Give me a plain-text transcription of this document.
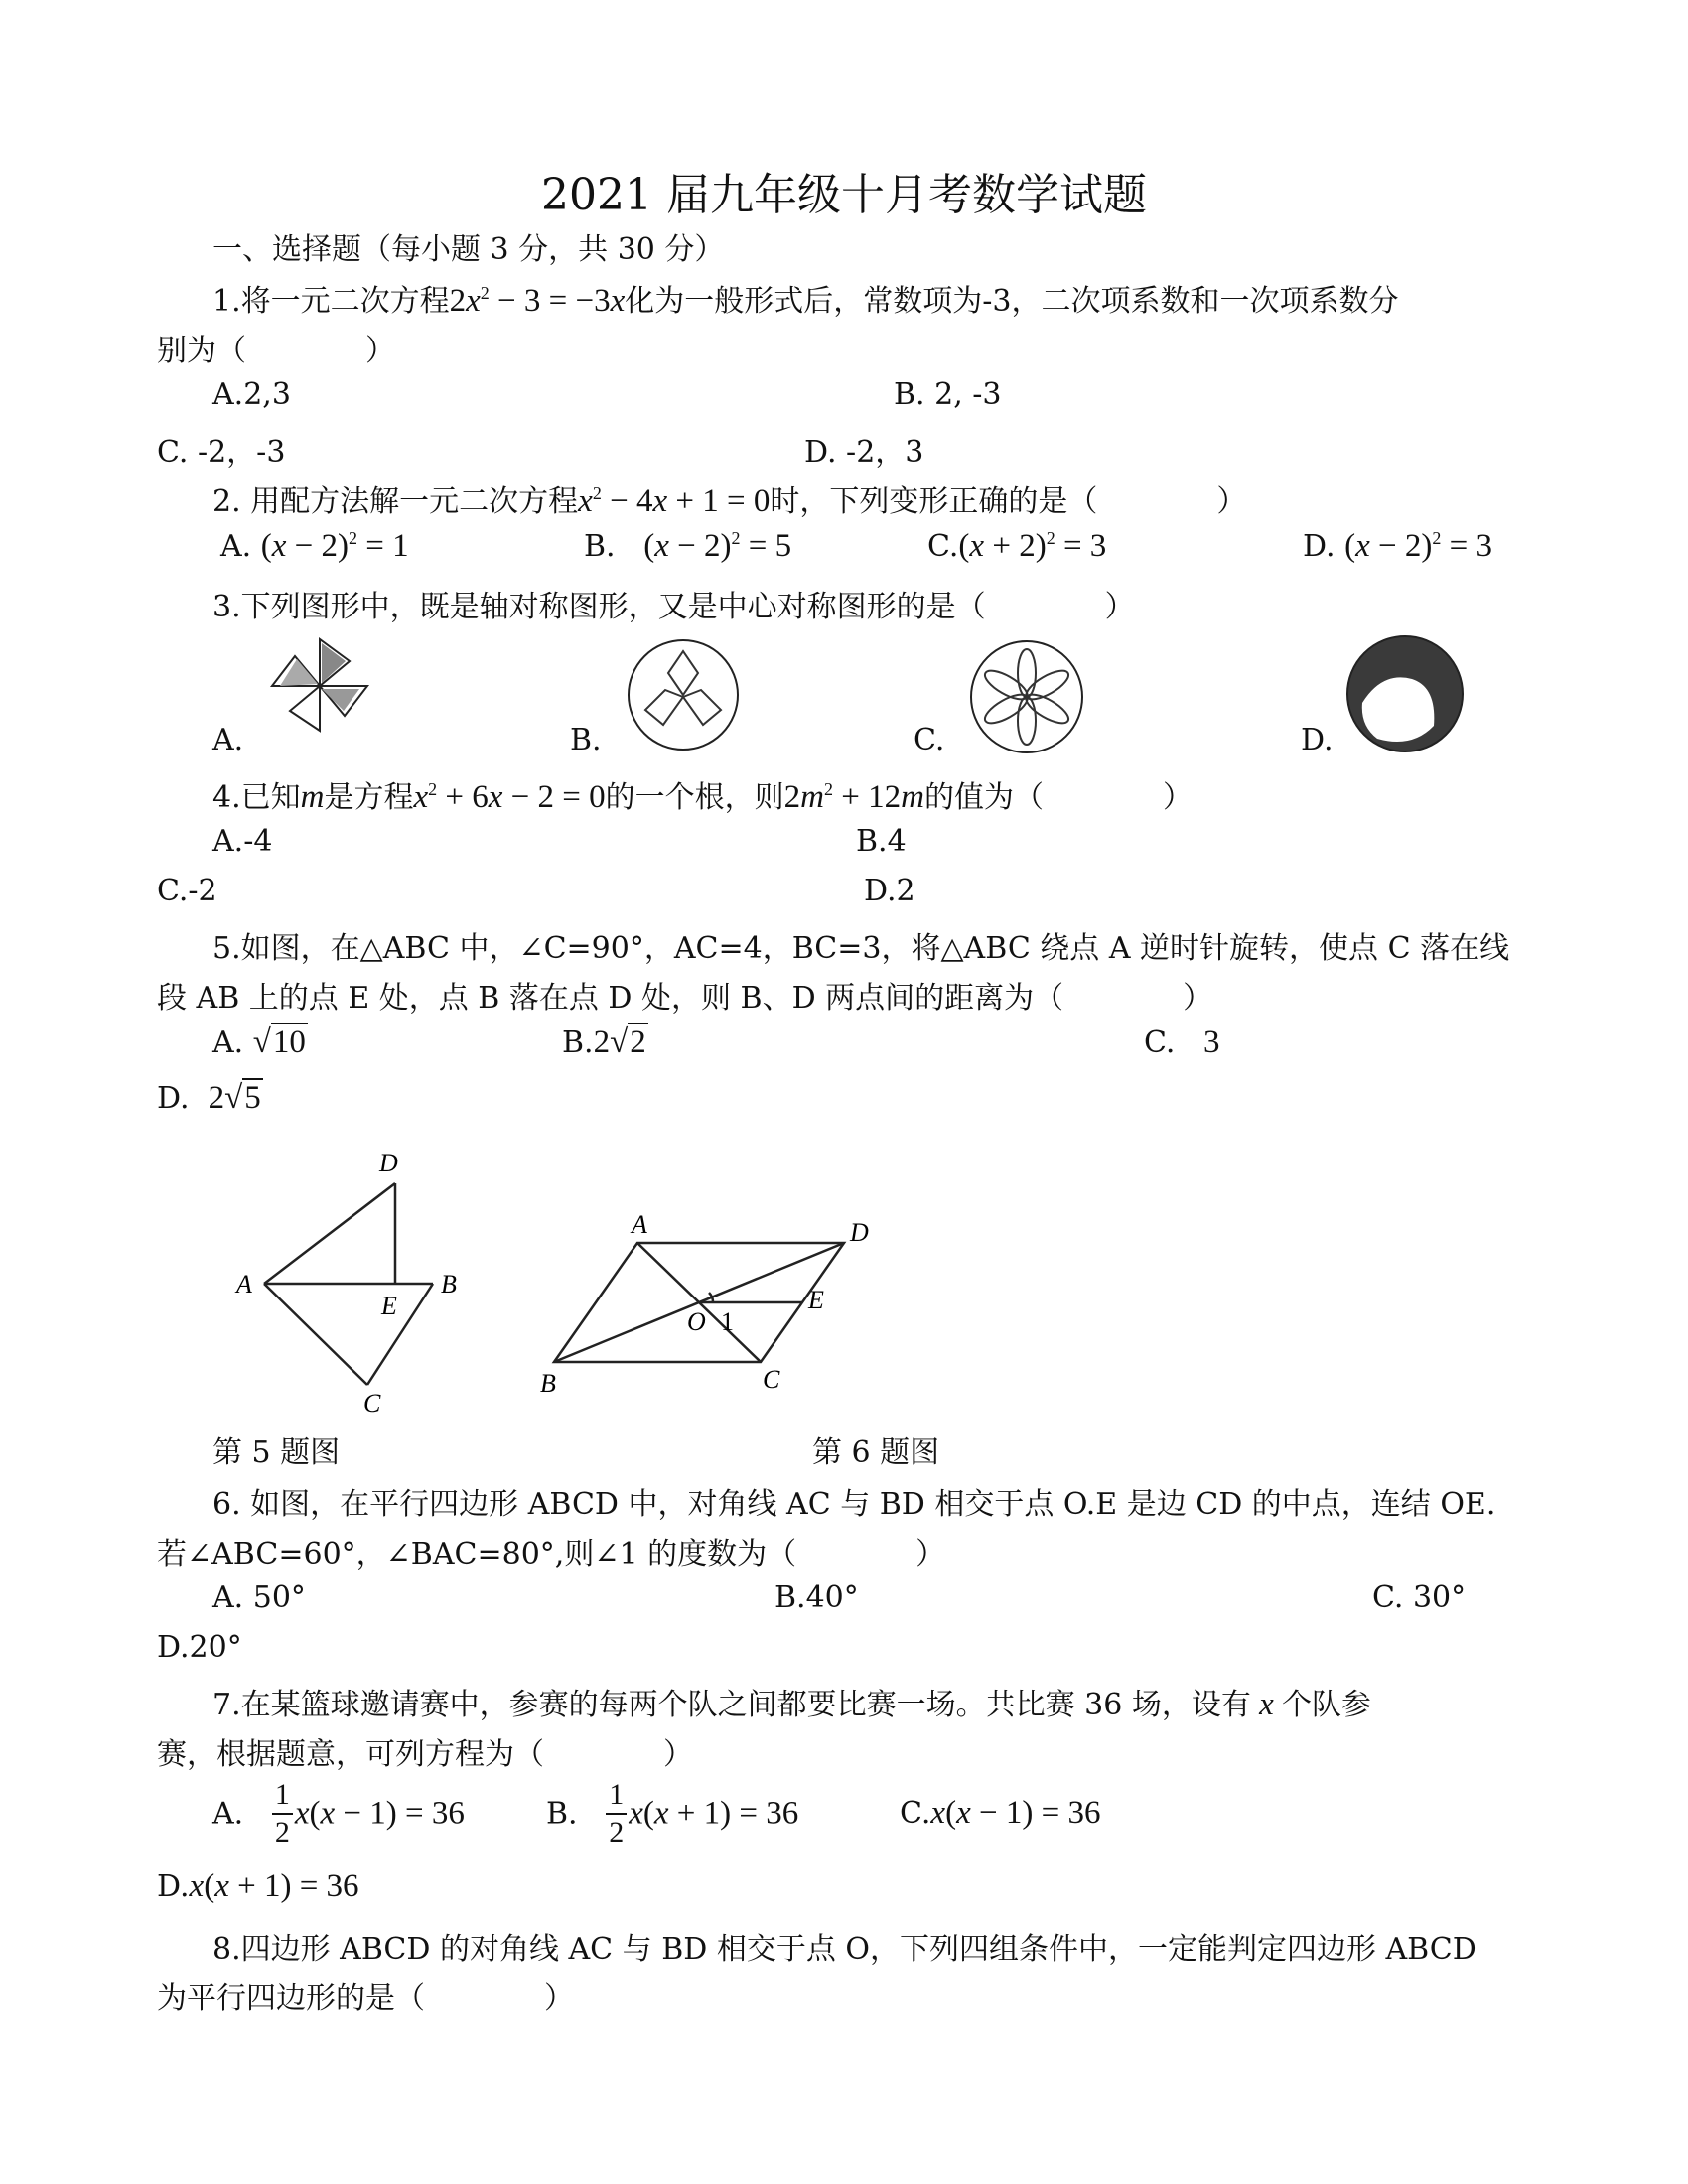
2021 届九年级十月考数学试题
一、选择题（每小题 3 分，共 30 分）
1.将一元二次方程$2x^2 - 3 = -3x$化为一般形式后，常数项为-3，二次项系数和一次项系数分
别为（　　　　）
A.2,3	B. 2, -3
C. -2，-3	D. -2，3
2. 用配方法解一元二次方程$x^2 - 4x + 1 = 0$时，下列变形正确的是（　　　　）
A. $(x - 2)^2 = 1$	B. $(x - 2)^2 = 5$	$C.(x + 2)^2 = 3$	D. $(x - 2)^2 = 3$
3.下列图形中，既是轴对称图形，又是中心对称图形的是（　　　　）
A.	B.	C.	D.
4.已知m是方程$x^2 + 6x - 2 = 0$的一个根，则$2m^2 + 12m$的值为（　　　　）
A.-4	B.4
C.-2	D.2
5.如图，在△ABC 中，∠C=90°，AC=4，BC=3，将△ABC 绕点 A 逆时针旋转，使点 C 落在线
段 AB 上的点 E 处，点 B 落在点 D 处，则 B、D 两点间的距离为（　　　　）
A. √10	B.2√2	C. 3
D. 2√5
D
A
E
B
C
A	D
O 1
E
B	C
第 5 题图	第 6 题图
6. 如图，在平行四边形 ABCD 中，对角线 AC 与 BD 相交于点 O.E 是边 CD 的中点，连结 OE.
若∠ABC=60°，∠BAC=80°,则∠1 的度数为（　　　　）
A. 50°	B.40°	C. 30°
D.20°
7.在某篮球邀请赛中，参赛的每两个队之间都要比赛一场。共比赛 36 场，设有 x 个队参
赛，根据题意，可列方程为（　　　　）
A. $\frac{1}{2} x(x - 1) = 36$	B. $\frac{1}{2} x(x + 1) = 36$	C.x(x − 1) = 36
D.x(x + 1) = 36
8.四边形 ABCD 的对角线 AC 与 BD 相交于点 O，下列四组条件中，一定能判定四边形 ABCD
为平行四边形的是（　　　　）
